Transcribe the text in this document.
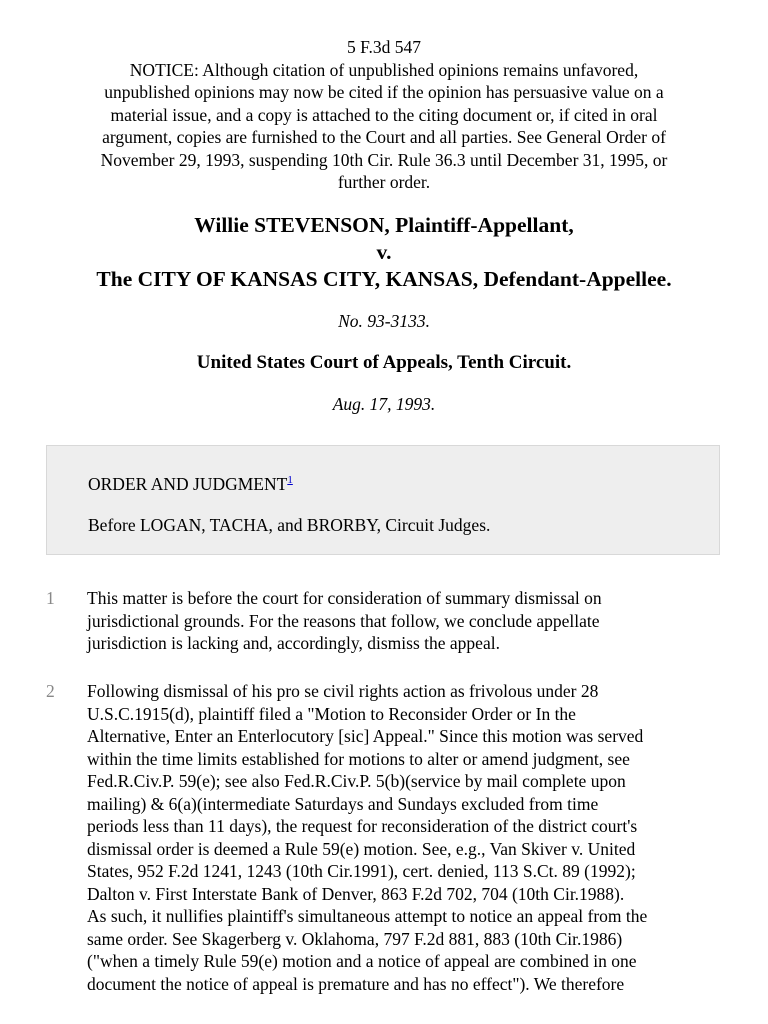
5 F.3d 547
NOTICE: Although citation of unpublished opinions remains unfavored,
unpublished opinions may now be cited if the opinion has persuasive value on a
material issue, and a copy is attached to the citing document or, if cited in oral
argument, copies are furnished to the Court and all parties. See General Order of
November 29, 1993, suspending 10th Cir. Rule 36.3 until December 31, 1995, or
further order.
Willie STEVENSON, Plaintiff-Appellant,
v.
The CITY OF KANSAS CITY, KANSAS, Defendant-Appellee.
No. 93-3133.
United States Court of Appeals, Tenth Circuit.
Aug. 17, 1993.
ORDER AND JUDGMENT$^1$
Before LOGAN, TACHA, and BRORBY, Circuit Judges.
1 This matter is before the court for consideration of summary dismissal on
jurisdictional grounds. For the reasons that follow, we conclude appellate
jurisdiction is lacking and, accordingly, dismiss the appeal.
2 Following dismissal of his pro se civil rights action as frivolous under 28
U.S.C.1915(d), plaintiff filed a "Motion to Reconsider Order or In the
Alternative, Enter an Enterlocutory [sic] Appeal." Since this motion was served
within the time limits established for motions to alter or amend judgment, see
Fed.R.Civ.P. 59(e); see also Fed.R.Civ.P. 5(b)(service by mail complete upon
mailing) & 6(a)(intermediate Saturdays and Sundays excluded from time
periods less than 11 days), the request for reconsideration of the district court's
dismissal order is deemed a Rule 59(e) motion. See, e.g., Van Skiver v. United
States, 952 F.2d 1241, 1243 (10th Cir.1991), cert. denied, 113 S.Ct. 89 (1992);
Dalton v. First Interstate Bank of Denver, 863 F.2d 702, 704 (10th Cir.1988).
As such, it nullifies plaintiff's simultaneous attempt to notice an appeal from the
same order. See Skagerberg v. Oklahoma, 797 F.2d 881, 883 (10th Cir.1986)
("when a timely Rule 59(e) motion and a notice of appeal are combined in one
document the notice of appeal is premature and has no effect"). We therefore
